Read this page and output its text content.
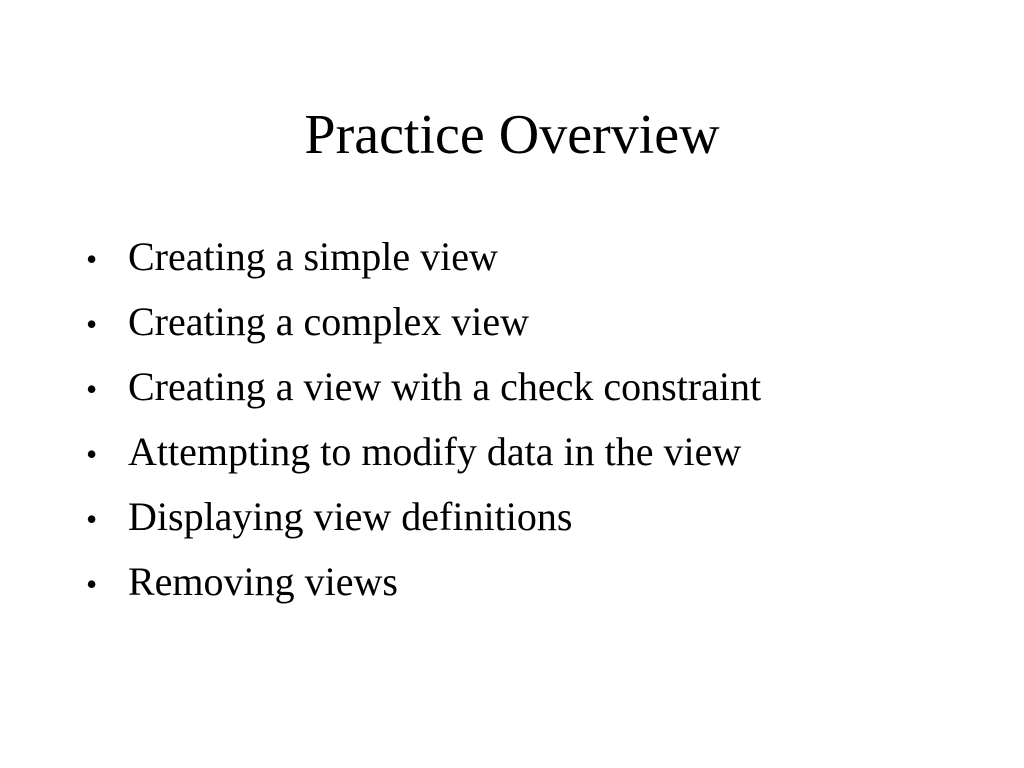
Practice Overview
• Creating a simple view
• Creating a complex view
• Creating a view with a check constraint
• Attempting to modify data in the view
• Displaying view definitions
• Removing views
